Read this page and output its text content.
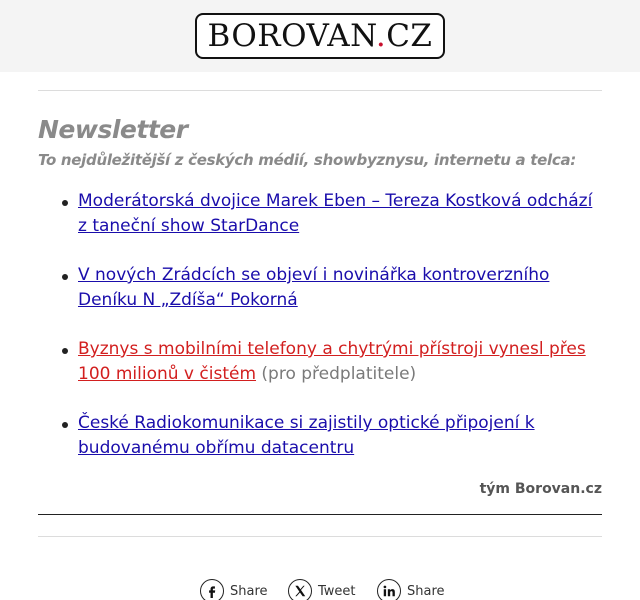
BOROVAN.CZ
Newsletter
To nejdůležitější z českých médií, showbyznysu, internetu a telca:
Moderátorská dvojice Marek Eben – Tereza Kostková odchází z taneční show StarDance
V nových Zrádcích se objeví i novinářka kontroverzního Deníku N „Zdíša“ Pokorná
Byznys s mobilními telefony a chytrými přístroji vynesl přes 100 milionů v čistém (pro předplatitele)
České Radiokomunikace si zajistily optické připojení k budovanému obřímu datacentru
tým Borovan.cz
Share	Tweet	Share
